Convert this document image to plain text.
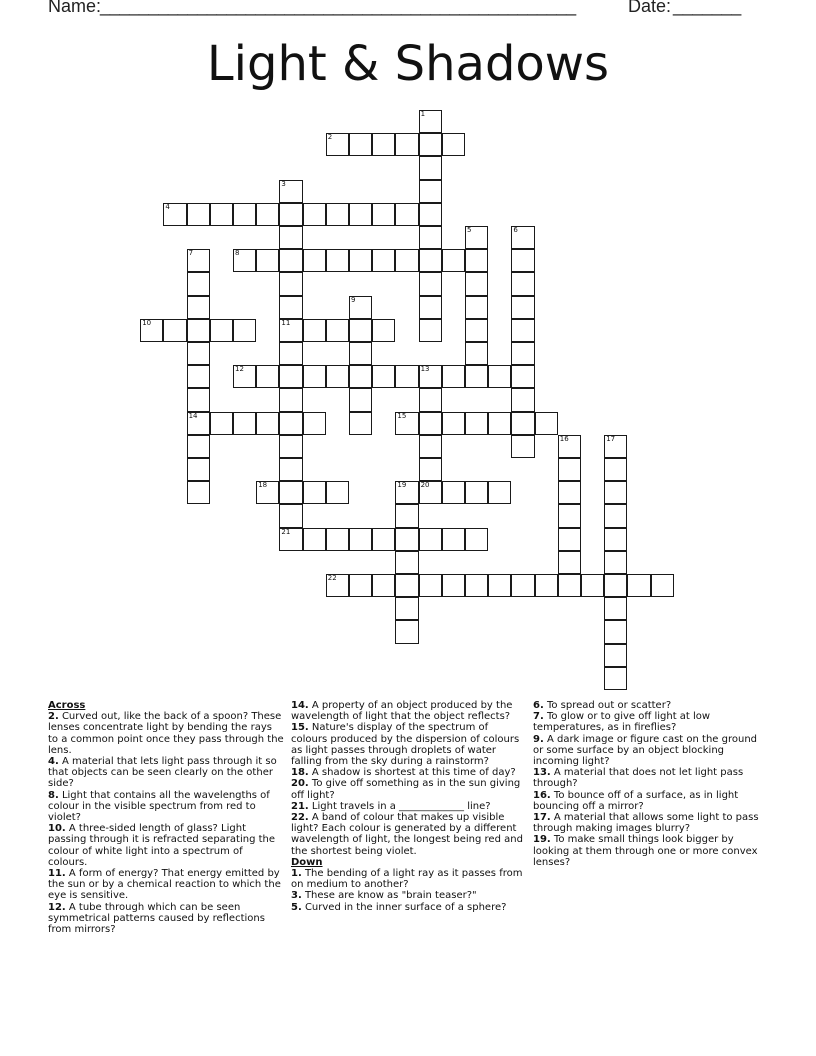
Name:
_________________________________________________	Date: _______
Light & Shadows
1
2
3
11
21
4
5	6
7
14
8
9
10
12	13
20
15
16	17
18	19
22

Across

2. Curved out, like the back of a spoon? These lenses concentrate light by bending the rays to a common point once they pass through the lens.

4. A material that lets light pass through it so that objects can be seen clearly on the other side?

8. Light that contains all the wavelengths of colour in the visible spectrum from red to violet?

10. A three-sided length of glass? Light passing through it is refracted separating the colour of white light into a spectrum of colours.

11. A form of energy? That energy emitted by the sun or by a chemical reaction to which the eye is sensitive.

12. A tube through which can be seen symmetrical patterns caused by reflections from mirrors?

14. A property of an object produced by the wavelength of light that the object reflects?

15. Nature's display of the spectrum of colours produced by the dispersion of colours as light passes through droplets of water falling from the sky during a rainstorm?

18. A shadow is shortest at this time of day?

20. To give off something as in the sun giving off light?

21. Light travels in a _____________ line?

22. A band of colour that makes up visible light? Each colour is generated by a different wavelength of light, the longest being red and the shortest being violet.

Down

1. The bending of a light ray as it passes from on medium to another?

3. These are know as "brain teaser?"

5. Curved in the inner surface of a sphere?

6. To spread out or scatter?

7. To glow or to give off light at low temperatures, as in fireflies?

9. A dark image or figure cast on the ground or some surface by an object blocking incoming light?

13. A material that does not let light pass through?

16. To bounce off of a surface, as in light bouncing off a mirror?

17. A material that allows some light to pass through making images blurry?

19. To make small things look bigger by looking at them through one or more convex lenses?
